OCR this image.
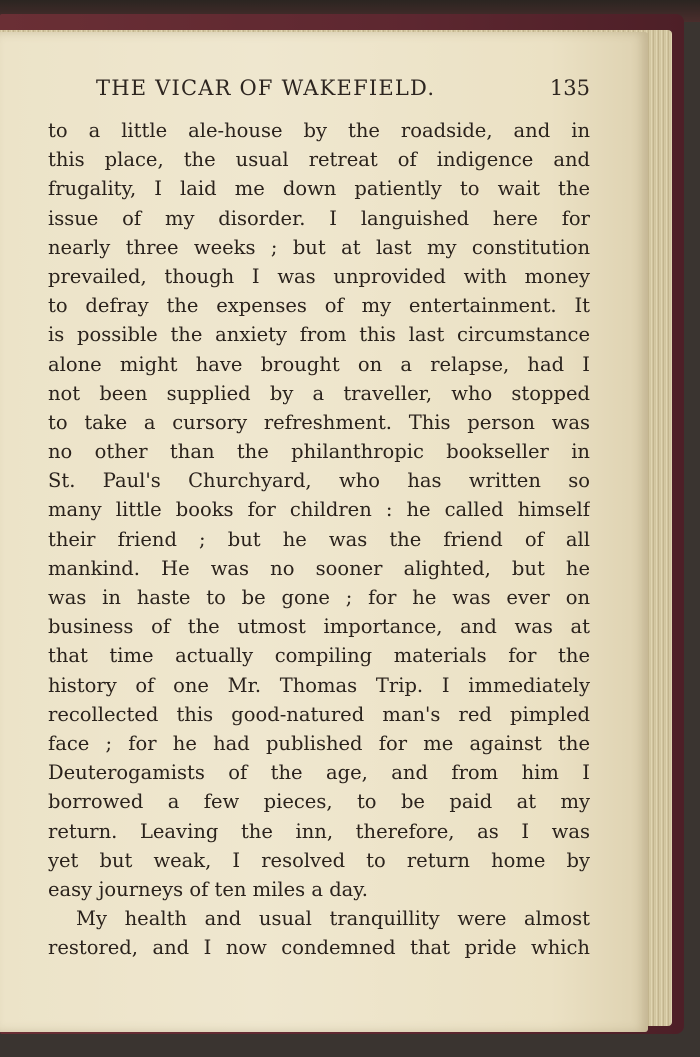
THE VICAR OF WAKEFIELD.	135
to a little ale-house by the roadside, and in
this place, the usual retreat of indigence and
frugality, I laid me down patiently to wait the
issue of my disorder. I languished here for
nearly three weeks ; but at last my constitution
prevailed, though I was unprovided with money
to defray the expenses of my entertainment. It
is possible the anxiety from this last circumstance
alone might have brought on a relapse, had I
not been supplied by a traveller, who stopped
to take a cursory refreshment. This person was
no other than the philanthropic bookseller in
St. Paul's Churchyard, who has written so
many little books for children : he called himself
their friend ; but he was the friend of all
mankind. He was no sooner alighted, but he
was in haste to be gone ; for he was ever on
business of the utmost importance, and was at
that time actually compiling materials for the
history of one Mr. Thomas Trip. I immediately
recollected this good-natured man's red pimpled
face ; for he had published for me against the
Deuterogamists of the age, and from him I
borrowed a few pieces, to be paid at my
return. Leaving the inn, therefore, as I was
yet but weak, I resolved to return home by
easy journeys of ten miles a day.
My health and usual tranquillity were almost
restored, and I now condemned that pride which
